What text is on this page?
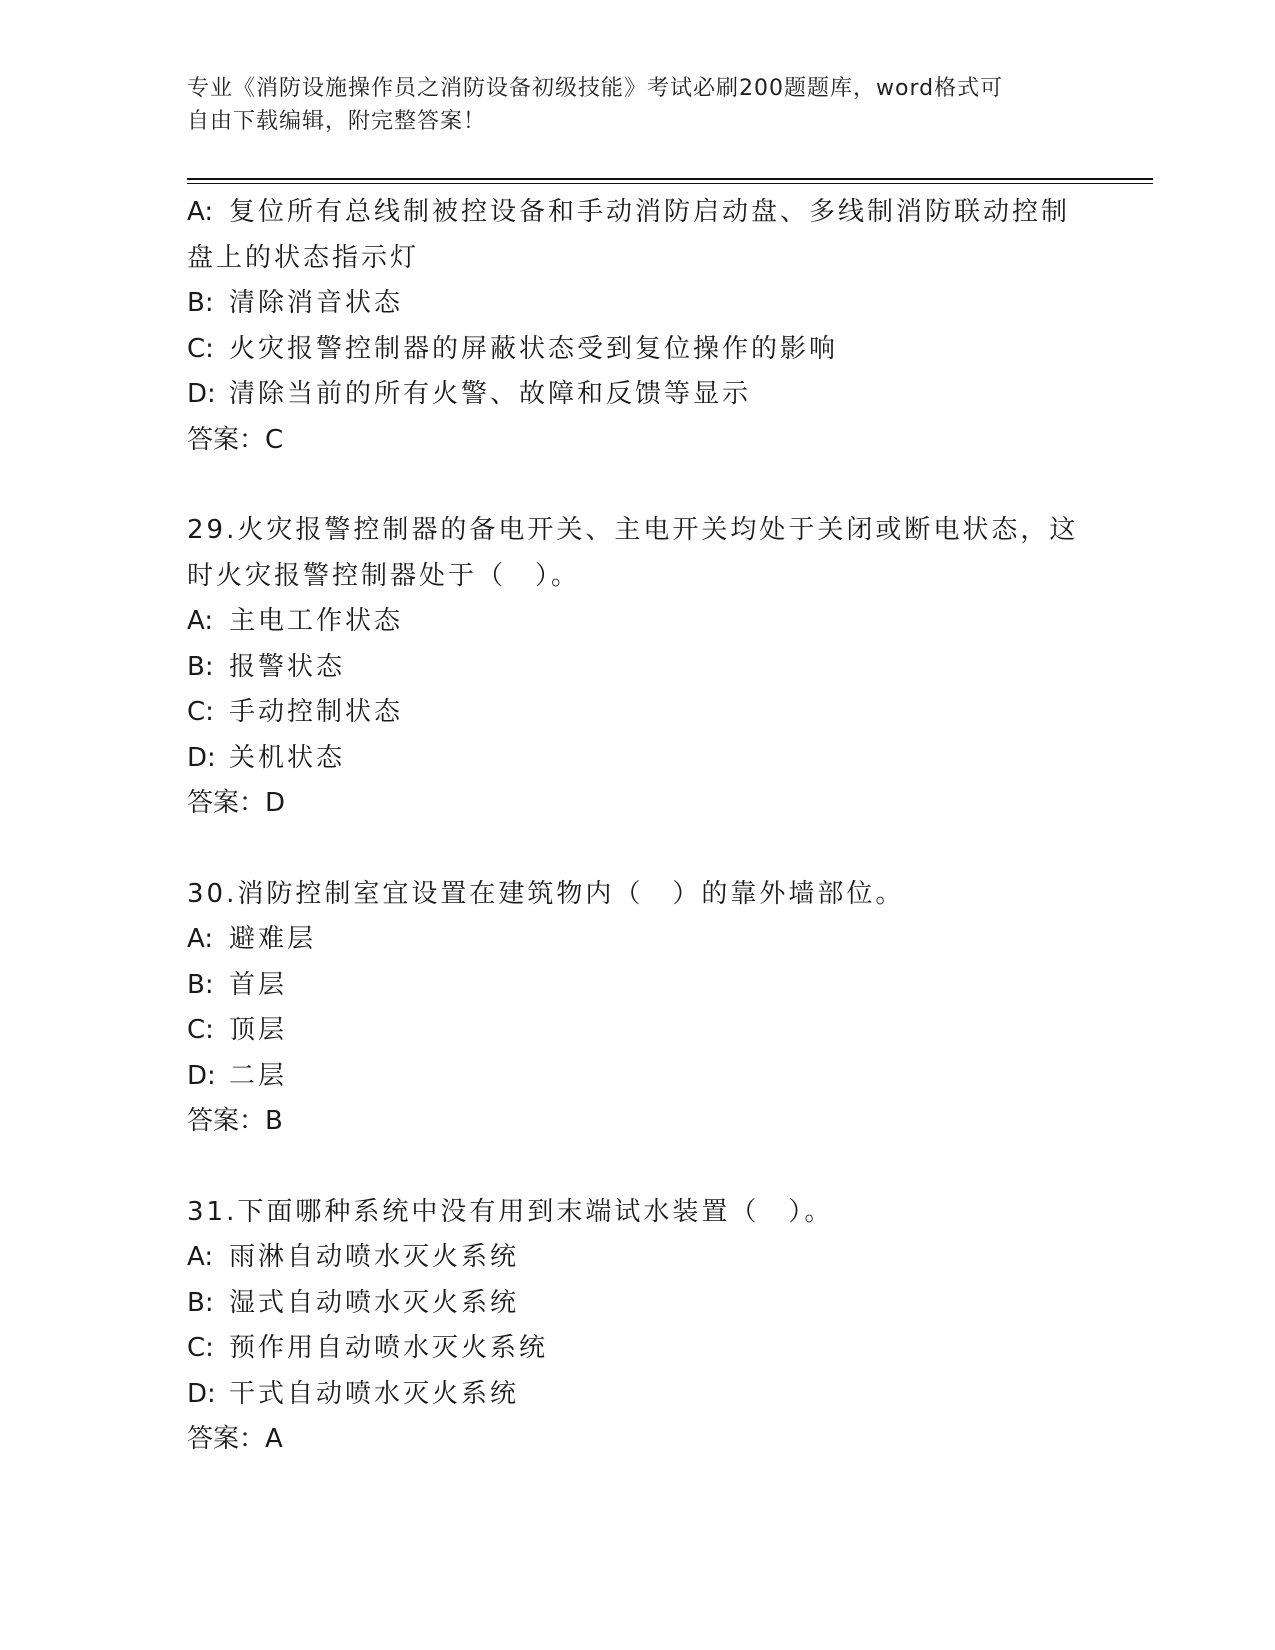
专业《消防设施操作员之消防设备初级技能》考试必刷200题题库，word格式可
自由下载编辑，附完整答案！
A: 复位所有总线制被控设备和手动消防启动盘、多线制消防联动控制
盘上的状态指示灯
B: 清除消音状态
C: 火灾报警控制器的屏蔽状态受到复位操作的影响
D: 清除当前的所有火警、故障和反馈等显示
答案：C
29.火灾报警控制器的备电开关、主电开关均处于关闭或断电状态，这
时火灾报警控制器处于（　）。
A: 主电工作状态
B: 报警状态
C: 手动控制状态
D: 关机状态
答案：D
30.消防控制室宜设置在建筑物内（　）的靠外墙部位。
A: 避难层
B: 首层
C: 顶层
D: 二层
答案：B
31.下面哪种系统中没有用到末端试水装置（　）。
A: 雨淋自动喷水灭火系统
B: 湿式自动喷水灭火系统
C: 预作用自动喷水灭火系统
D: 干式自动喷水灭火系统
答案：A
